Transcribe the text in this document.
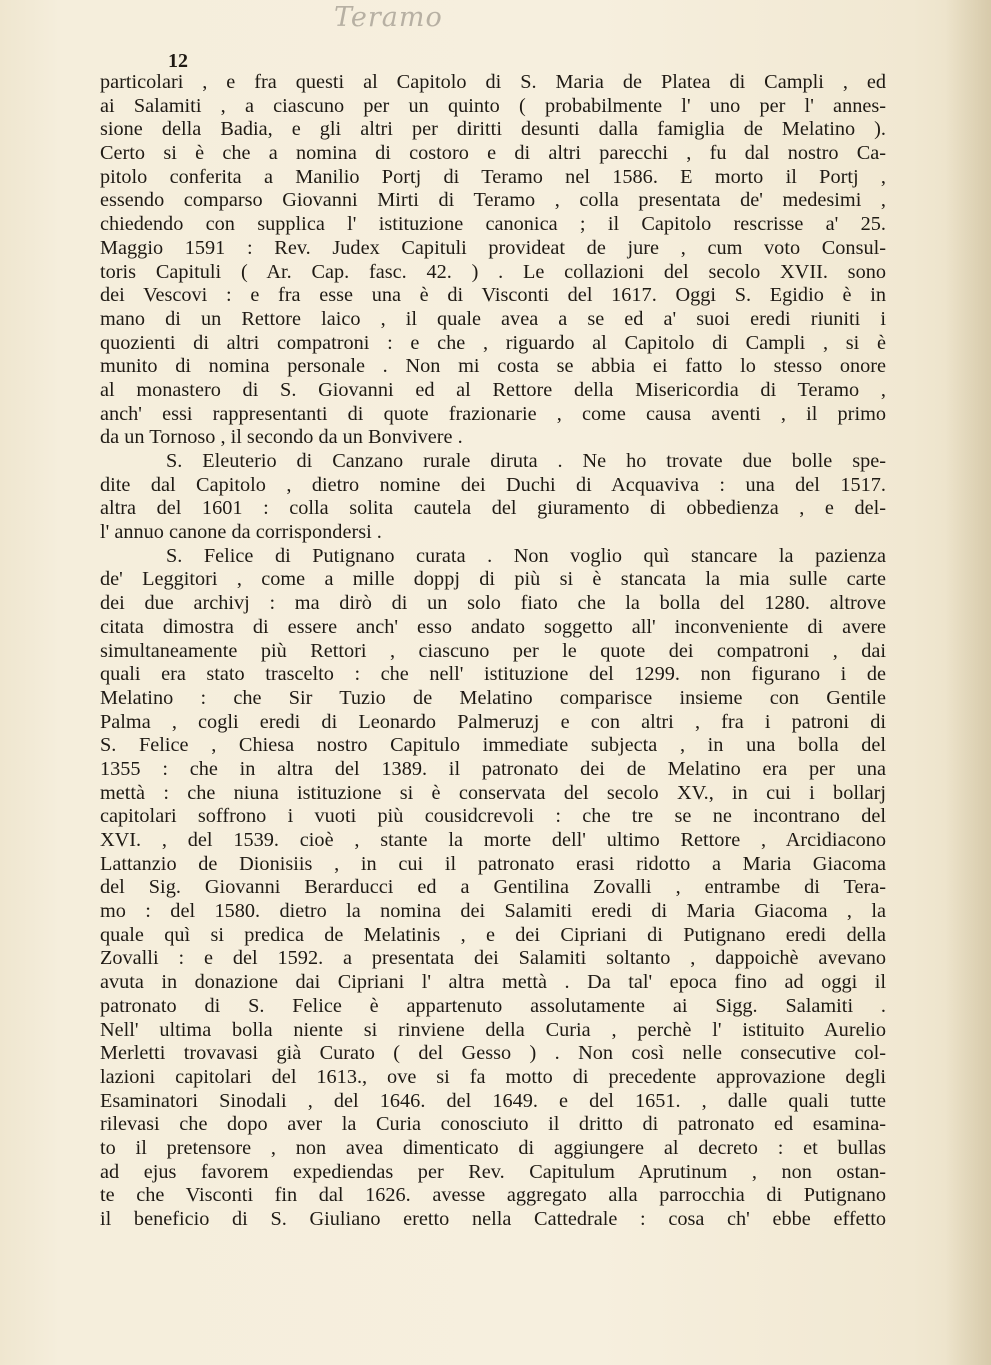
Teramo
12
particolari , e fra questi al Capitolo di S. Maria de Platea di Campli , ed
ai Salamiti , a ciascuno per un quinto ( probabilmente l' uno per l' annes-
sione della Badia, e gli altri per diritti desunti dalla famiglia de Melatino ).
Certo si è che a nomina di costoro e di altri parecchi , fu dal nostro Ca-
pitolo conferita a Manilio Portj di Teramo nel 1586. E morto il Portj ,
essendo comparso Giovanni Mirti di Teramo , colla presentata de' medesimi ,
chiedendo con supplica l' istituzione canonica ; il Capitolo rescrisse a' 25.
Maggio 1591 : Rev. Judex Capituli provideat de jure , cum voto Consul-
toris Capituli ( Ar. Cap. fasc. 42. ) . Le collazioni del secolo XVII. sono
dei Vescovi : e fra esse una è di Visconti del 1617. Oggi S. Egidio è in
mano di un Rettore laico , il quale avea a se ed a' suoi eredi riuniti i
quozienti di altri compatroni : e che , riguardo al Capitolo di Campli , si è
munito di nomina personale . Non mi costa se abbia ei fatto lo stesso onore
al monastero di S. Giovanni ed al Rettore della Misericordia di Teramo ,
anch' essi rappresentanti di quote frazionarie , come causa aventi , il primo
da un Tornoso , il secondo da un Bonvivere .
S. Eleuterio di Canzano rurale diruta . Ne ho trovate due bolle spe-
dite dal Capitolo , dietro nomine dei Duchi di Acquaviva : una del 1517.
altra del 1601 : colla solita cautela del giuramento di obbedienza , e del-
l' annuo canone da corrispondersi .
S. Felice di Putignano curata . Non voglio quì stancare la pazienza
de' Leggitori , come a mille doppj di più si è stancata la mia sulle carte
dei due archivj : ma dirò di un solo fiato che la bolla del 1280. altrove
citata dimostra di essere anch' esso andato soggetto all' inconveniente di avere
simultaneamente più Rettori , ciascuno per le quote dei compatroni , dai
quali era stato trascelto : che nell' istituzione del 1299. non figurano i de
Melatino : che Sir Tuzio de Melatino comparisce insieme con Gentile
Palma , cogli eredi di Leonardo Palmeruzj e con altri , fra i patroni di
S. Felice , Chiesa nostro Capitulo immediate subjecta , in una bolla del
1355 : che in altra del 1389. il patronato dei de Melatino era per una
mettà : che niuna istituzione si è conservata del secolo XV., in cui i bollarj
capitolari soffrono i vuoti più cousidcrevoli : che tre se ne incontrano del
XVI. , del 1539. cioè , stante la morte dell' ultimo Rettore , Arcidiacono
Lattanzio de Dionisiis , in cui il patronato erasi ridotto a Maria Giacoma
del Sig. Giovanni Berarducci ed a Gentilina Zovalli , entrambe di Tera-
mo : del 1580. dietro la nomina dei Salamiti eredi di Maria Giacoma , la
quale quì si predica de Melatinis , e dei Cipriani di Putignano eredi della
Zovalli : e del 1592. a presentata dei Salamiti soltanto , dappoichè avevano
avuta in donazione dai Cipriani l' altra mettà . Da tal' epoca fino ad oggi il
patronato di S. Felice è appartenuto assolutamente ai Sigg. Salamiti .
Nell' ultima bolla niente si rinviene della Curia , perchè l' istituito Aurelio
Merletti trovavasi già Curato ( del Gesso ) . Non così nelle consecutive col-
lazioni capitolari del 1613., ove si fa motto di precedente approvazione degli
Esaminatori Sinodali , del 1646. del 1649. e del 1651. , dalle quali tutte
rilevasi che dopo aver la Curia conosciuto il dritto di patronato ed esamina-
to il pretensore , non avea dimenticato di aggiungere al decreto : et bullas
ad ejus favorem expediendas per Rev. Capitulum Aprutinum , non ostan-
te che Visconti fin dal 1626. avesse aggregato alla parrocchia di Putignano
il beneficio di S. Giuliano eretto nella Cattedrale : cosa ch' ebbe effetto
